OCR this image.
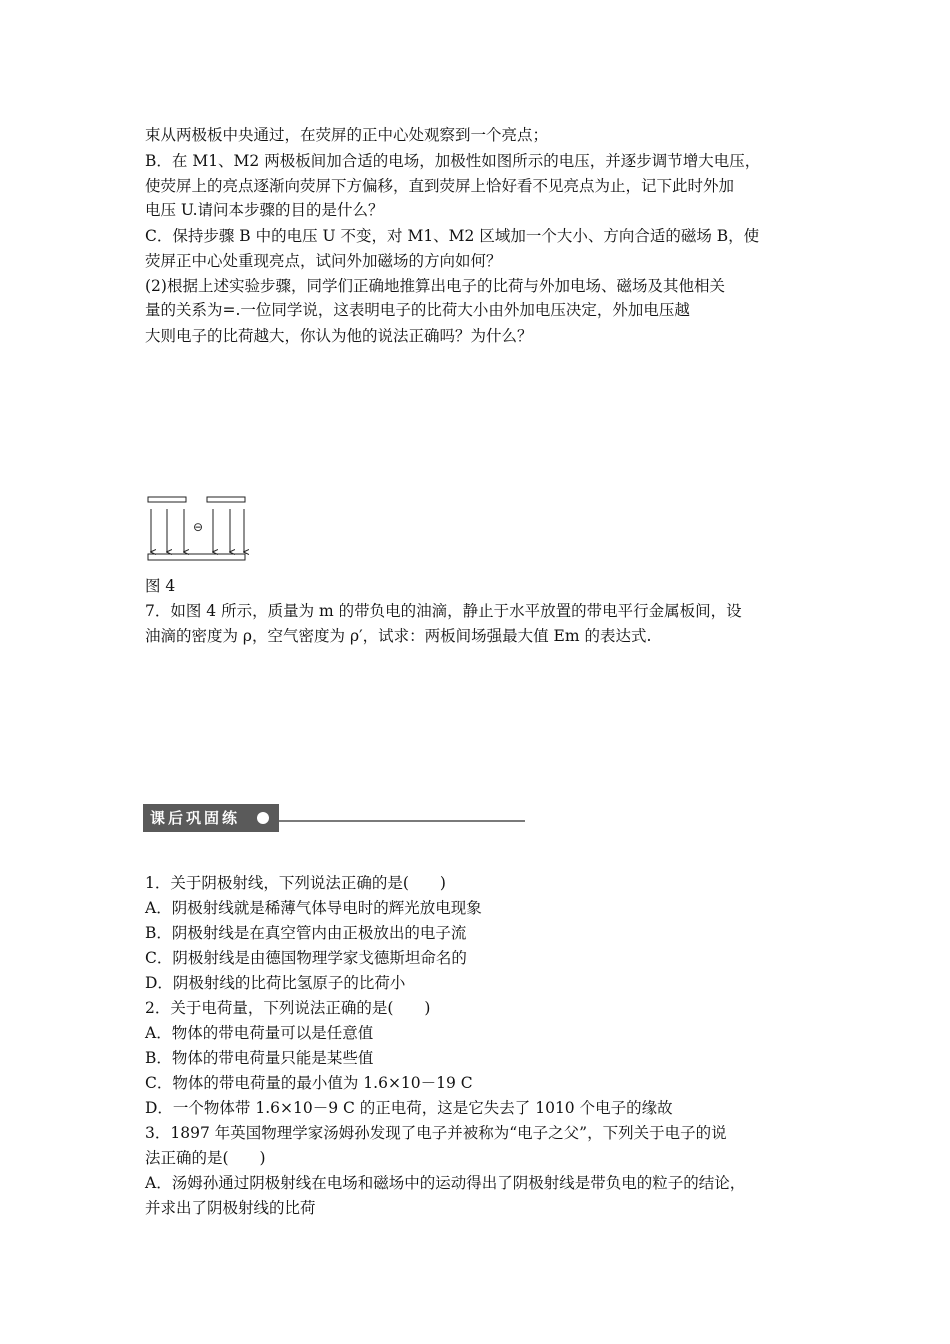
束从两极板中央通过，在荧屏的正中心处观察到一个亮点；

B．在 M1、M2 两极板间加合适的电场，加极性如图所示的电压，并逐步调节增大电压，

使荧屏上的亮点逐渐向荧屏下方偏移，直到荧屏上恰好看不见亮点为止，记下此时外加

电压 U.请问本步骤的目的是什么？

C．保持步骤 B 中的电压 U 不变，对 M1、M2 区域加一个大小、方向合适的磁场 B，使

荧屏正中心处重现亮点，试问外加磁场的方向如何？

(2)根据上述实验步骤，同学们正确地推算出电子的比荷与外加电场、磁场及其他相关

量的关系为=.一位同学说，这表明电子的比荷大小由外加电压决定，外加电压越

大则电子的比荷越大，你认为他的说法正确吗？为什么？

⊖

图 4

7．如图 4 所示，质量为 m 的带负电的油滴，静止于水平放置的带电平行金属板间，设

油滴的密度为 ρ，空气密度为 ρ′，试求：两板间场强最大值 Em 的表达式.

课后巩固练

1．关于阴极射线，下列说法正确的是(　　)

A．阴极射线就是稀薄气体导电时的辉光放电现象

B．阴极射线是在真空管内由正极放出的电子流

C．阴极射线是由德国物理学家戈德斯坦命名的

D．阴极射线的比荷比氢原子的比荷小

2．关于电荷量，下列说法正确的是(　　)

A．物体的带电荷量可以是任意值

B．物体的带电荷量只能是某些值

C．物体的带电荷量的最小值为 1.6×10－19 C

D．一个物体带 1.6×10－9 C 的正电荷，这是它失去了 1010 个电子的缘故

3．1897 年英国物理学家汤姆孙发现了电子并被称为“电子之父”，下列关于电子的说

法正确的是(　　)

A．汤姆孙通过阴极射线在电场和磁场中的运动得出了阴极射线是带负电的粒子的结论，

并求出了阴极射线的比荷
